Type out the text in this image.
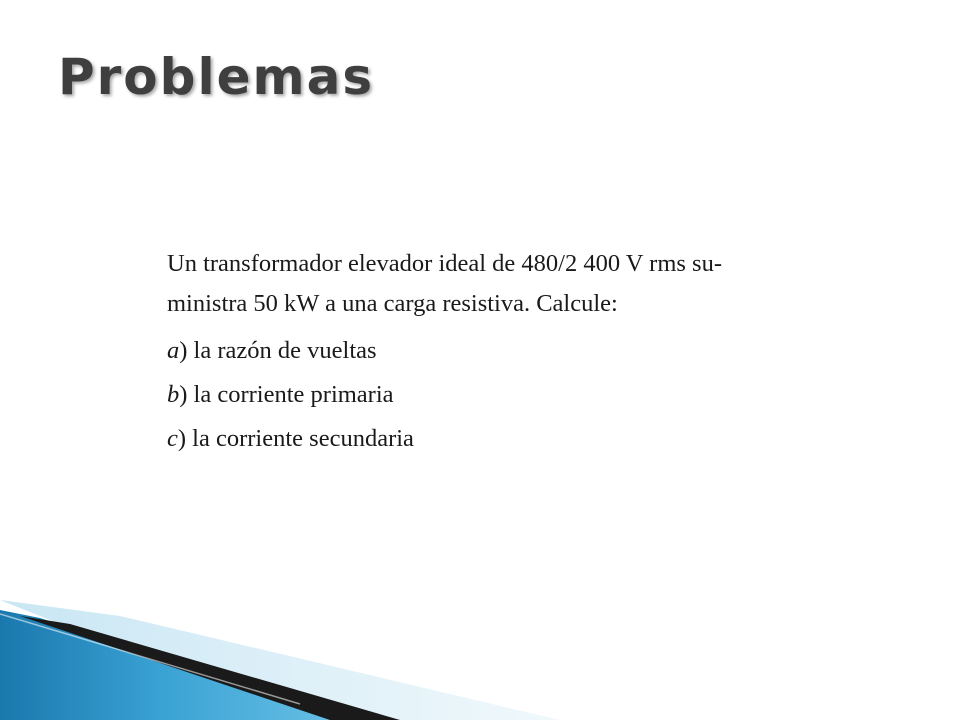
Problemas

Un transformador elevador ideal de 480/2 400 V rms su-
ministra 50 kW a una carga resistiva. Calcule:

a) la razón de vueltas
b) la corriente primaria
c) la corriente secundaria
